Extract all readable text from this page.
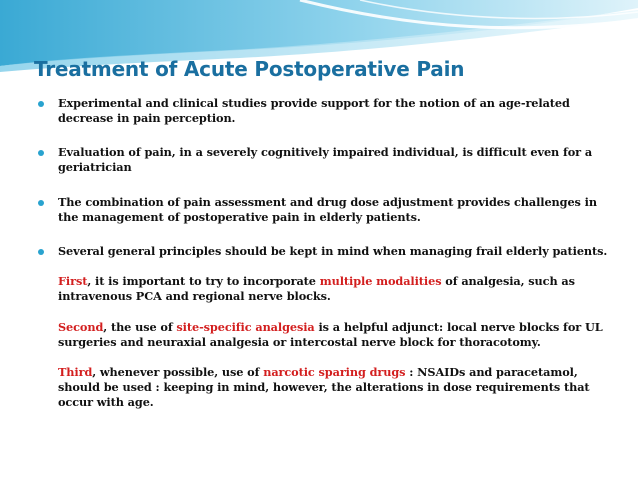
Treatment of Acute Postoperative Pain
Experimental and clinical studies provide support for the notion of an age-related decrease in pain perception.
Evaluation of pain, in a severely cognitively impaired individual, is difficult even for a geriatrician
The combination of pain assessment and drug dose adjustment provides challenges in the management of postoperative pain in elderly patients.
Several general principles should be kept in mind when managing frail elderly patients.
First, it is important to try to incorporate multiple modalities of analgesia, such as intravenous PCA and regional nerve blocks.
Second, the use of site-specific analgesia is a helpful adjunct: local nerve blocks for UL surgeries and neuraxial analgesia or intercostal nerve block for thoracotomy.
Third, whenever possible, use of narcotic sparing drugs : NSAIDs and paracetamol, should be used : keeping in mind, however, the alterations in dose requirements that occur with age.
